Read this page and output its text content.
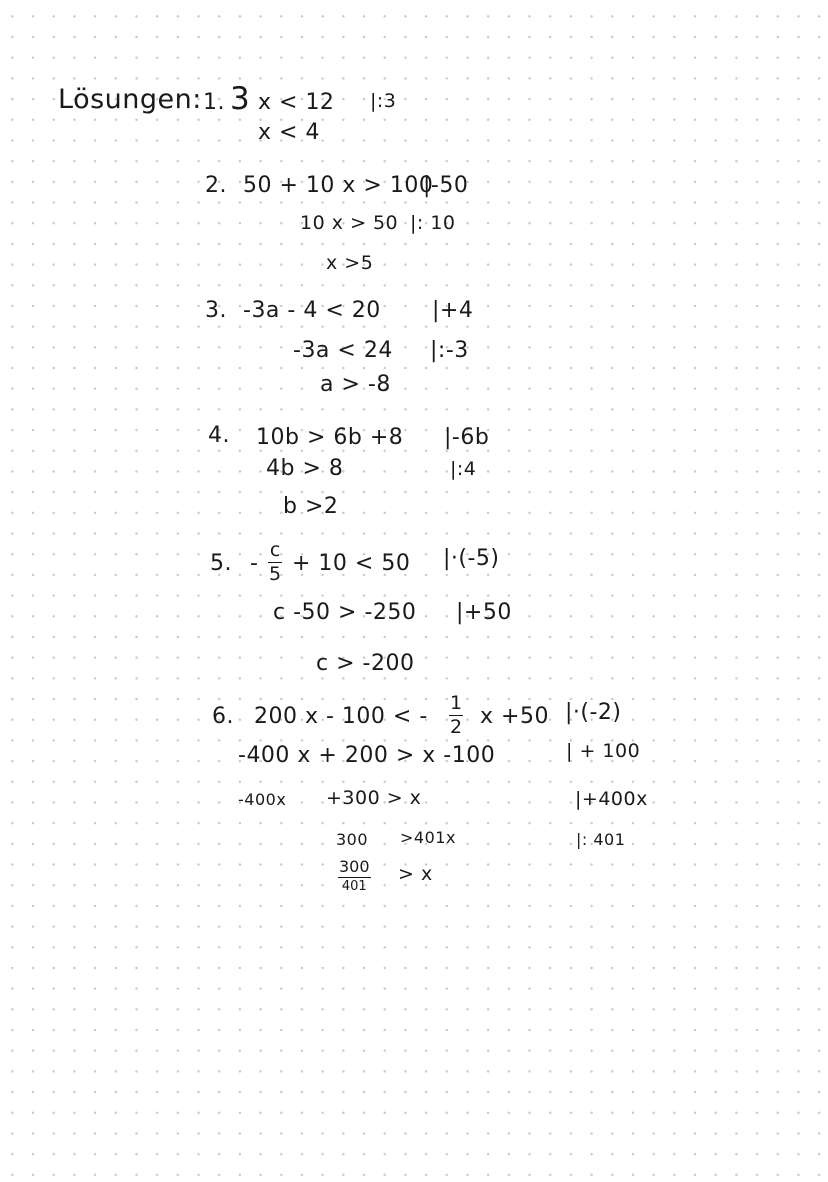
Lösungen: 1. 3 x < 12 |:3
x < 4
2. 50 + 10 x > 100
|-50
10 x > 50 |: 10
x >5
3. -3a - 4 < 20 |+4
-3a < 24 |:-3
a > -8
4. 10b > 6b +8 |-6b
4b > 8	|:4
b >2
5. -
c
5 + 10 < 50 |·(-5)
c -50 > -250 |+50
c > -200
6. 200 x - 100 < -
1
2 x +50 |·(-2)
-400 x + 200 > x -100	| + 100
-400x +300 > x	|+400x
300 >401x	|: 401
300
401
> x
